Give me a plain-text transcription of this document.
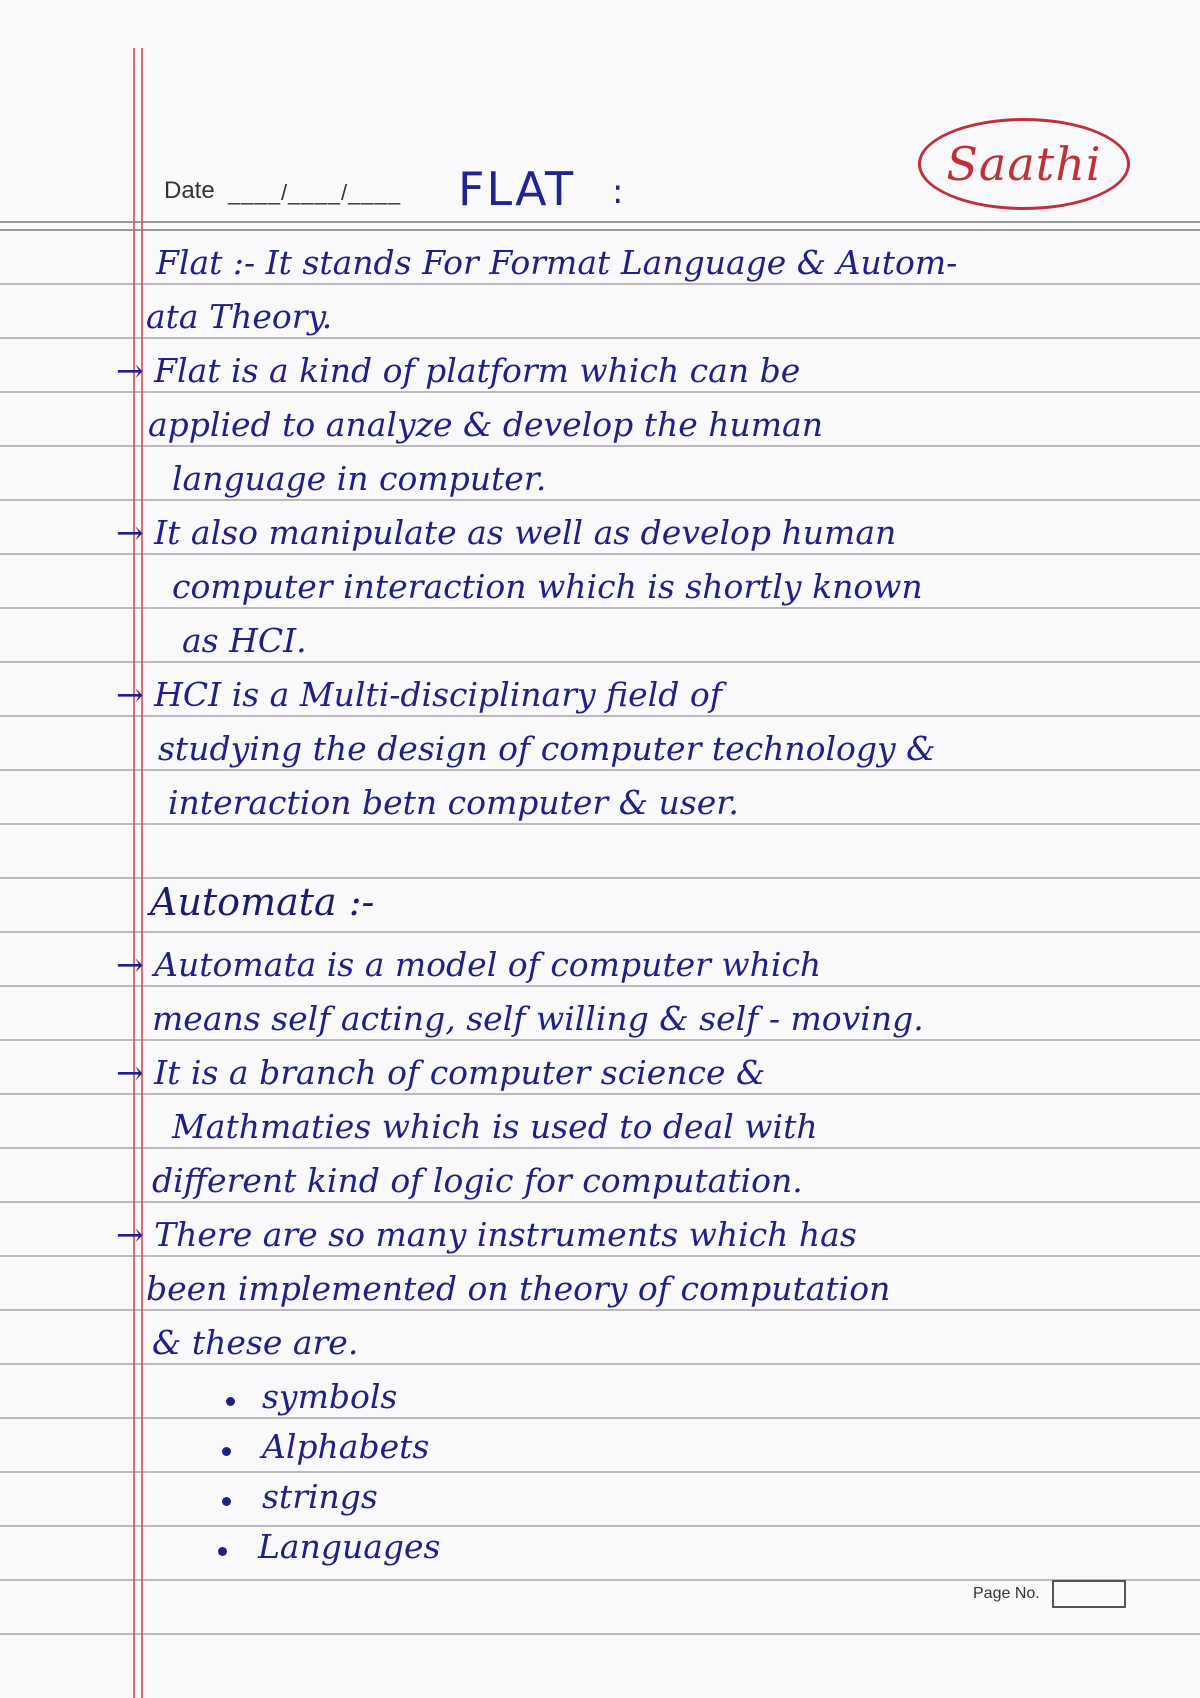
Saathi
Date ____/____/____ FLAT :
Flat :- It stands For Format Language & Autom-
ata Theory.
→ Flat is a kind of platform which can be
applied to analyze & develop the human
language in computer.
→ It also manipulate as well as develop human
computer interaction which is shortly known
as HCI.
→ HCI is a Multi-disciplinary field of
studying the design of computer technology &
interaction betn computer & user.
Automata :-
→ Automata is a model of computer which
means self acting, self willing & self - moving.
→ It is a branch of computer science &
Mathmaties which is used to deal with
different kind of logic for computation.
→ There are so many instruments which has
been implemented on theory of computation
& these are.
symbols
Alphabets
strings
Languages
Page No.
